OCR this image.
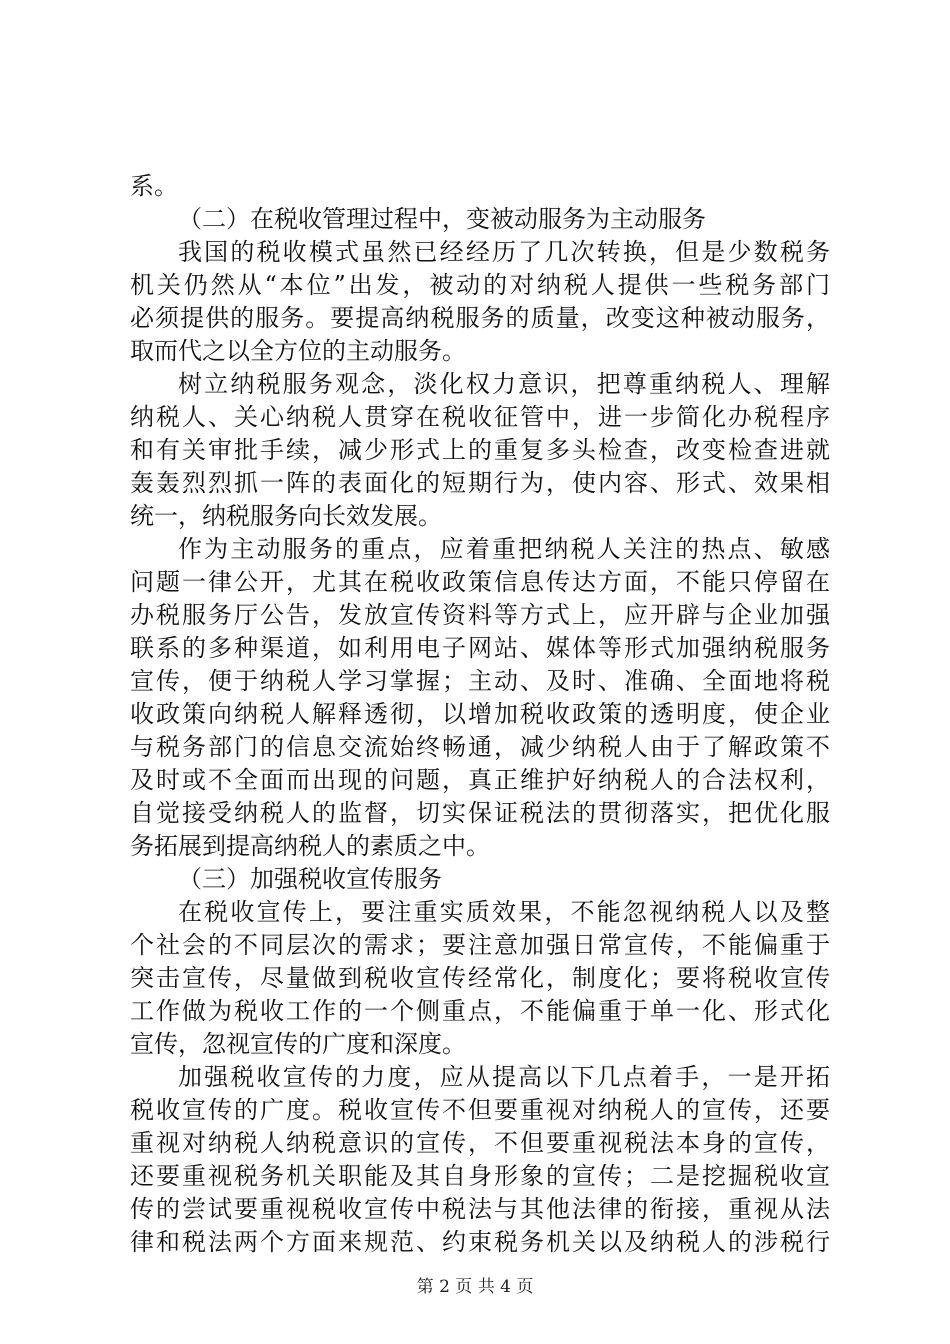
系。
（二）在税收管理过程中，变被动服务为主动服务
我国的税收模式虽然已经经历了几次转换，但是少数税务
机关仍然从“本位”出发，被动的对纳税人提供一些税务部门
必须提供的服务。要提高纳税服务的质量，改变这种被动服务，
取而代之以全方位的主动服务。
树立纳税服务观念，淡化权力意识，把尊重纳税人、理解
纳税人、关心纳税人贯穿在税收征管中，进一步简化办税程序
和有关审批手续，减少形式上的重复多头检查，改变检查进就
轰轰烈烈抓一阵的表面化的短期行为，使内容、形式、效果相
统一，纳税服务向长效发展。
作为主动服务的重点，应着重把纳税人关注的热点、敏感
问题一律公开，尤其在税收政策信息传达方面，不能只停留在
办税服务厅公告，发放宣传资料等方式上，应开辟与企业加强
联系的多种渠道，如利用电子网站、媒体等形式加强纳税服务
宣传，便于纳税人学习掌握；主动、及时、准确、全面地将税
收政策向纳税人解释透彻，以增加税收政策的透明度，使企业
与税务部门的信息交流始终畅通，减少纳税人由于了解政策不
及时或不全面而出现的问题，真正维护好纳税人的合法权利，
自觉接受纳税人的监督，切实保证税法的贯彻落实，把优化服
务拓展到提高纳税人的素质之中。
（三）加强税收宣传服务
在税收宣传上，要注重实质效果，不能忽视纳税人以及整
个社会的不同层次的需求；要注意加强日常宣传，不能偏重于
突击宣传，尽量做到税收宣传经常化，制度化；要将税收宣传
工作做为税收工作的一个侧重点，不能偏重于单一化、形式化
宣传，忽视宣传的广度和深度。
加强税收宣传的力度，应从提高以下几点着手，一是开拓
税收宣传的广度。税收宣传不但要重视对纳税人的宣传，还要
重视对纳税人纳税意识的宣传，不但要重视税法本身的宣传，
还要重视税务机关职能及其自身形象的宣传；二是挖掘税收宣
传的尝试要重视税收宣传中税法与其他法律的衔接，重视从法
律和税法两个方面来规范、约束税务机关以及纳税人的涉税行
第 2 页 共 4 页
